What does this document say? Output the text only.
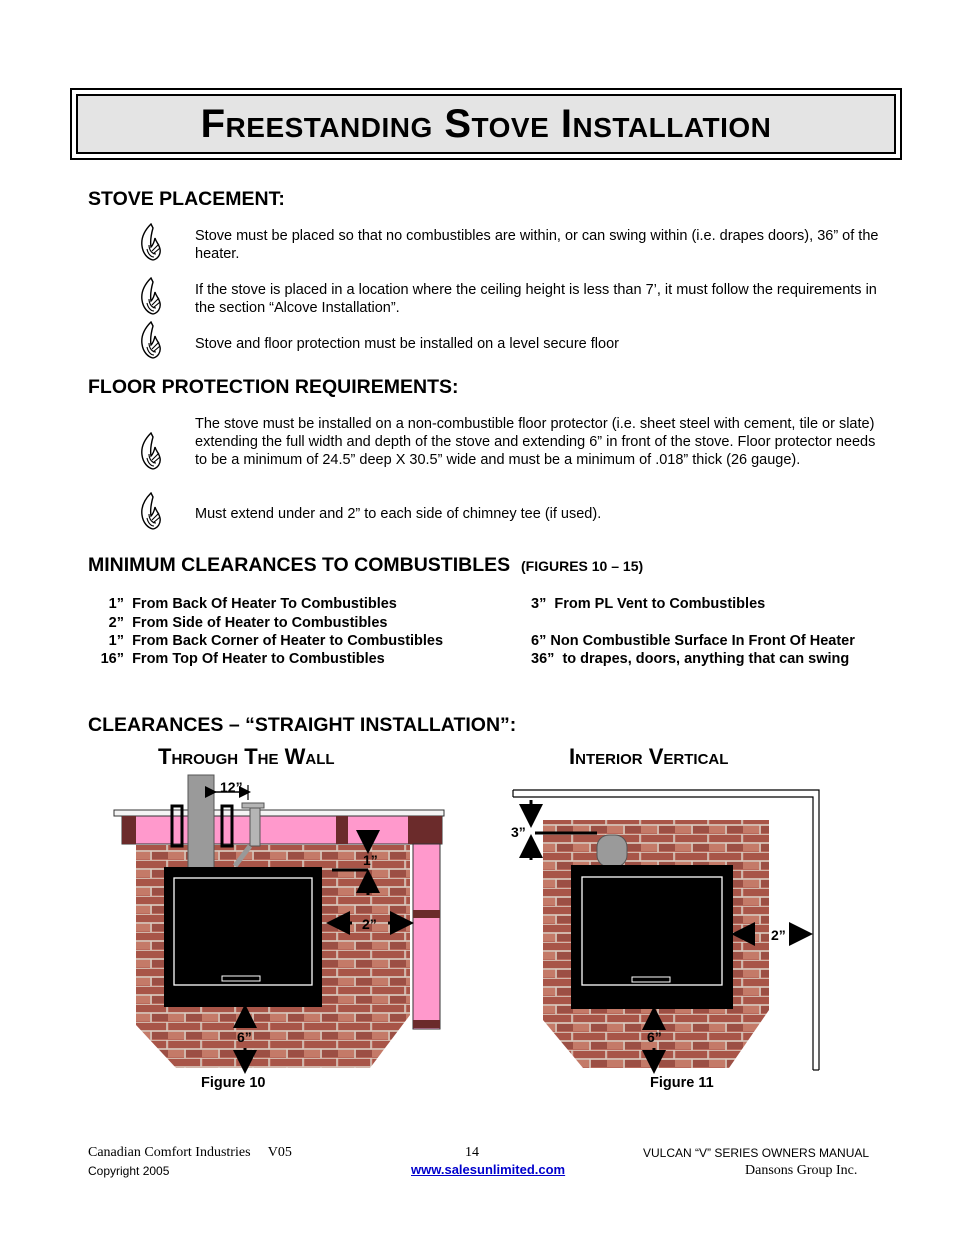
Freestanding Stove Installation
STOVE PLACEMENT:

Stove must be placed so that no combustibles are within, or can swing within (i.e. drapes doors), 36” of the heater.

If the stove is placed in a location where the ceiling height is less than 7’, it must follow the requirements in the section “Alcove Installation”.

Stove and floor protection must be installed on a level secure floor

FLOOR PROTECTION REQUIREMENTS:

The stove must be installed on a non-combustible floor protector (i.e. sheet steel with cement, tile or slate) extending the full width and depth of the stove and extending 6” in front of the stove. Floor protector needs to be a minimum of 24.5” deep X 30.5” wide and must be a minimum of .018” thick (26 gauge).

Must extend under and 2” to each side of chimney tee (if used).

MINIMUM CLEARANCES TO COMBUSTIBLES (FIGURES 10 – 15)
1” From Back Of Heater To Combustibles
2” From Side of Heater to Combustibles
1” From Back Corner of Heater to Combustibles
16” From Top Of Heater to Combustibles
3” From PL Vent to Combustibles
6” Non Combustible Surface In Front Of Heater
36”  to drapes, doors, anything that can swing
CLEARANCES – “STRAIGHT INSTALLATION”:
Through The Wall	Interior Vertical
12”
1”
2”
6”
Figure 10
3”
2”
6”
Figure 11
Canadian Comfort Industries V05
Copyright 2005
14
www.salesunlimited.com
VULCAN “V” SERIES OWNERS MANUAL
Dansons Group Inc.
